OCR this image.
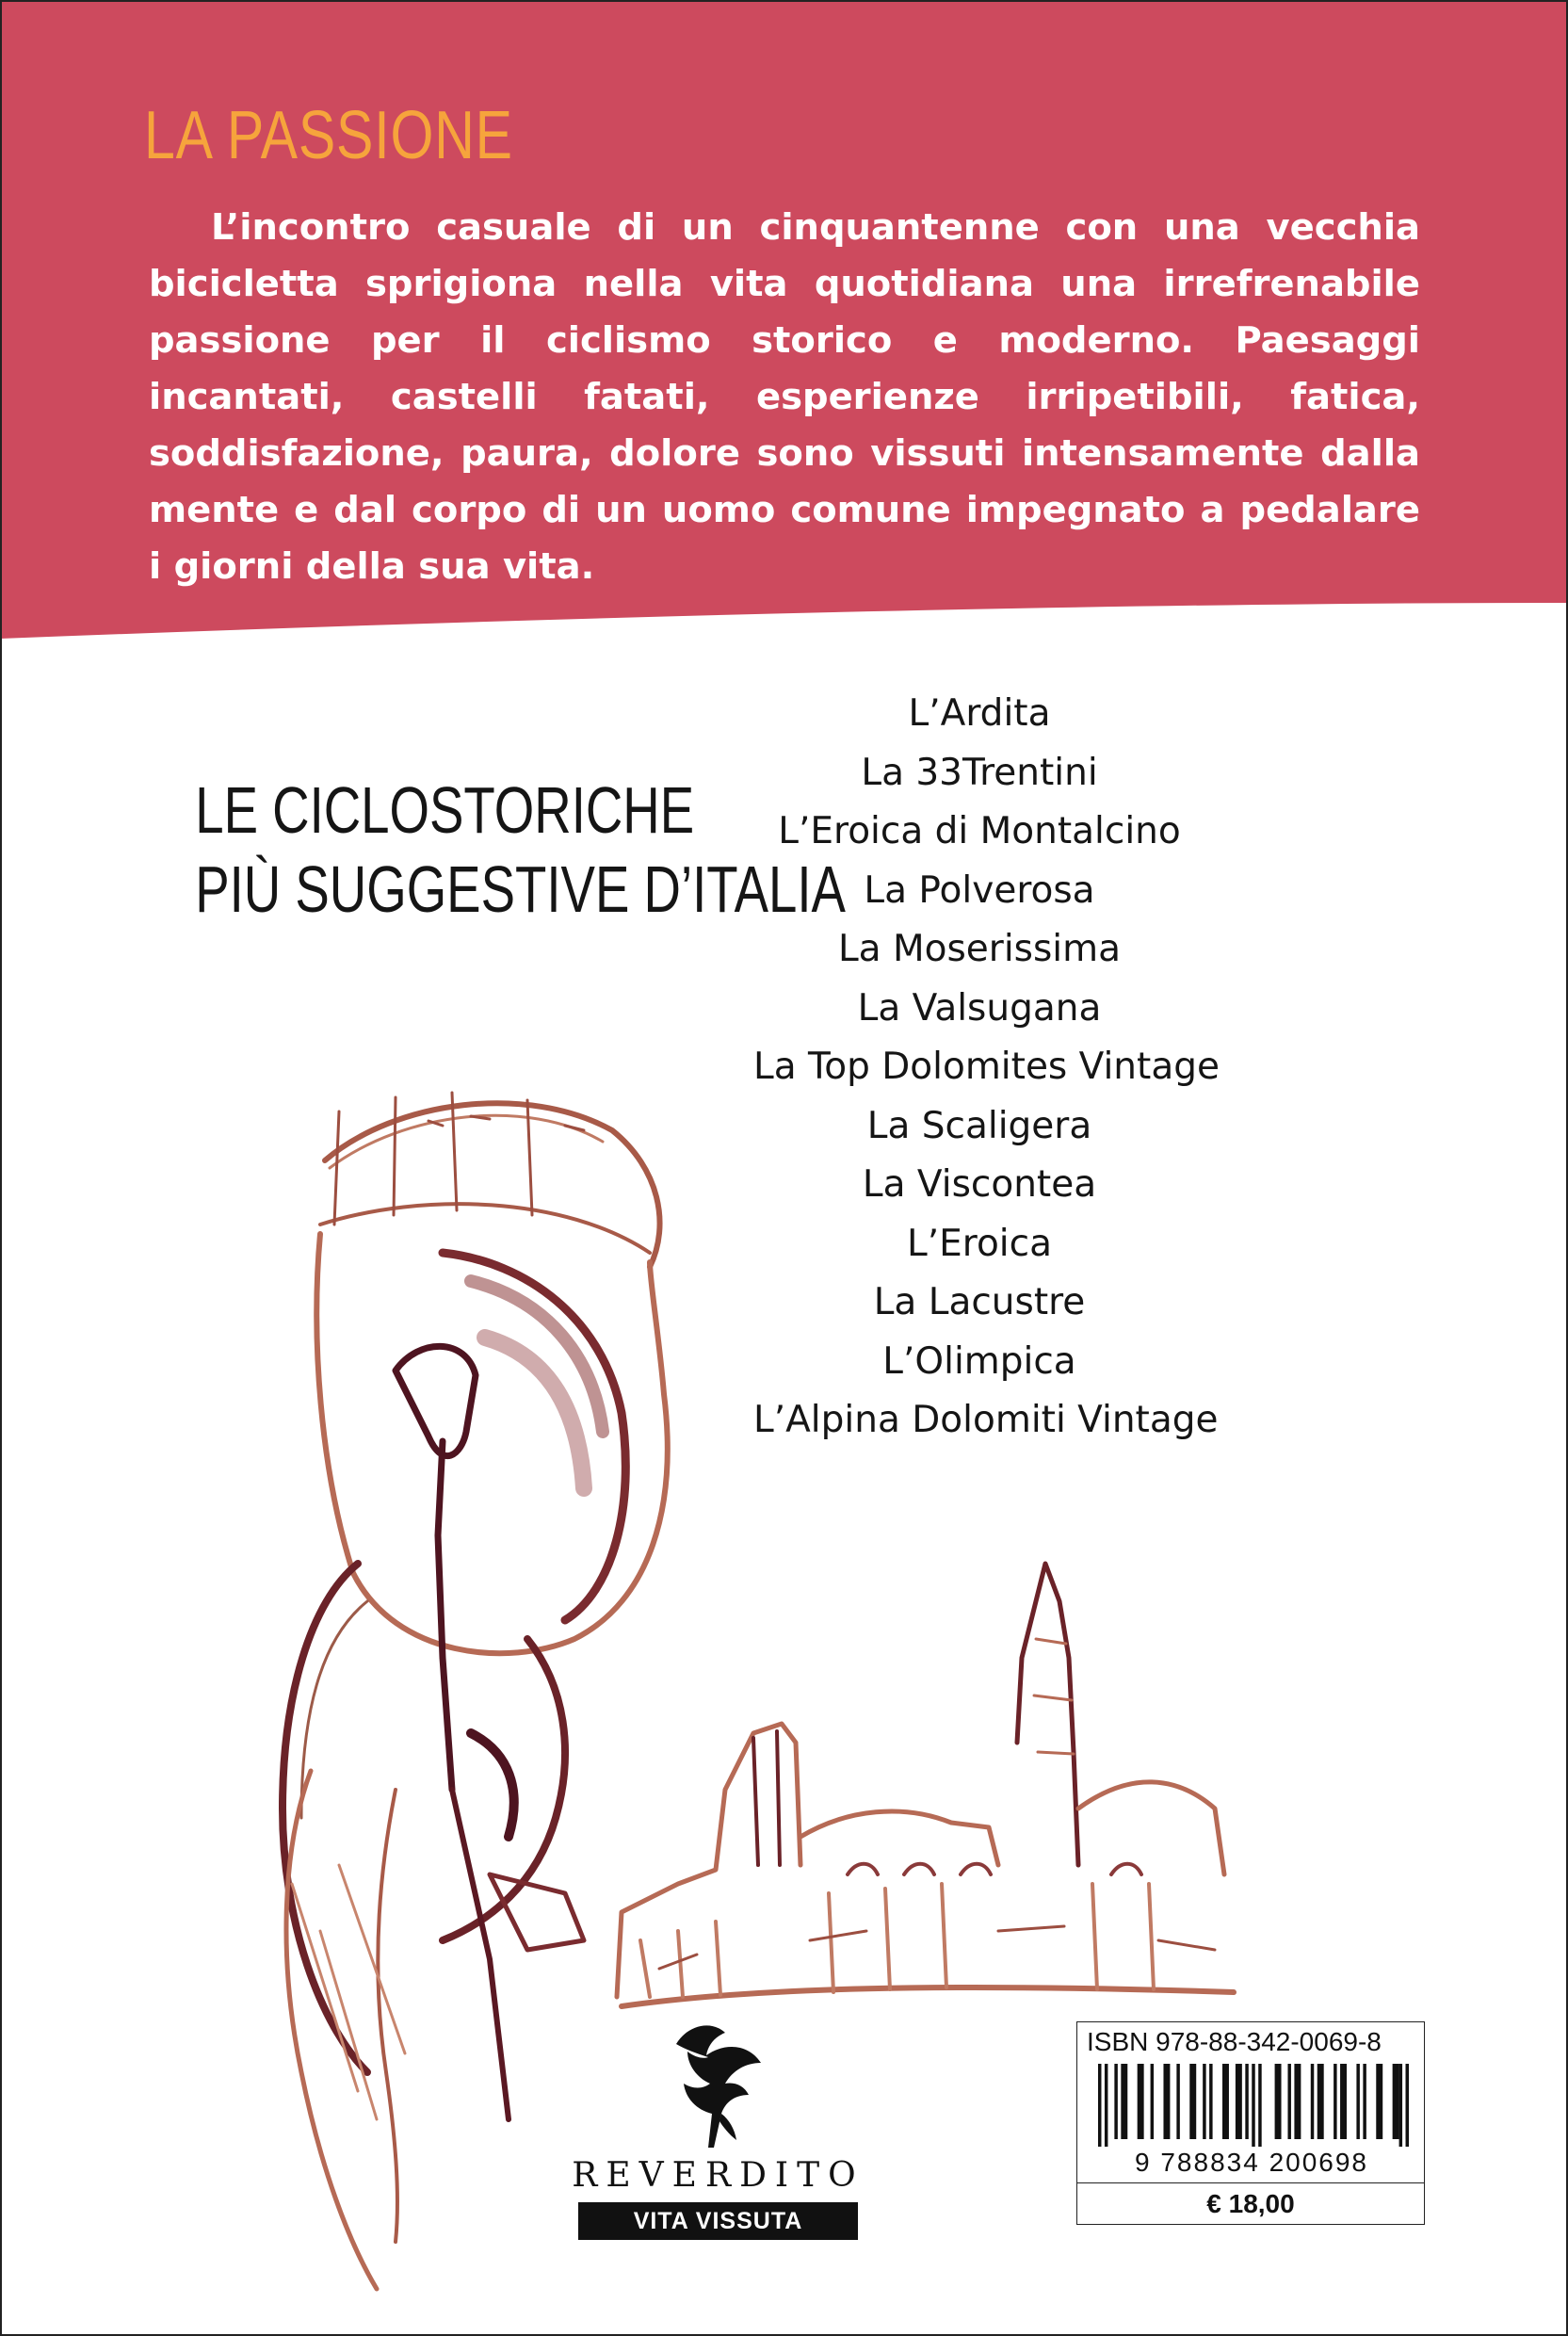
LA PASSIONE

L’incontro casuale di un cinquantenne con una vecchia bicicletta sprigiona nella vita quotidiana una irrefrenabile passione per il ciclismo storico e moderno. Paesaggi incantati, castelli fatati, esperienze irripetibili, fatica, soddisfazione, paura, dolore sono vissuti intensamente dalla mente e dal corpo di un uomo comune impegnato a pedalare i giorni della sua vita.

LE CICLOSTORICHE
PIÙ SUGGESTIVE D’ITALIA
L’Ardita
La 33Trentini
L’Eroica di Montalcino
La Polverosa
La Moserissima
La Valsugana
La Top Dolomites Vintage
La Scaligera
La Viscontea
L’Eroica
La Lacustre
L’Olimpica
L’Alpina Dolomiti Vintage

REVERDITO

VITA VISSUTA

ISBN 978-88-342-0069-8

9 788834 200698

€ 18,00
